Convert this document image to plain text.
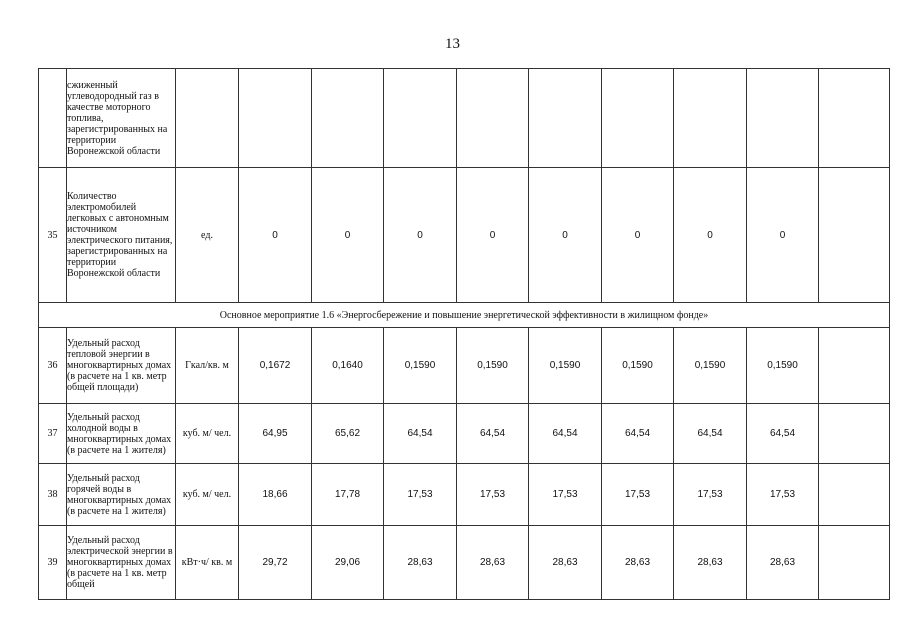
13
	сжиженный углеводородный газ в качестве моторного топлива, зарегистрированных на территории Воронежской области										
35	Количество электромобилей легковых с автономным источником электрического питания, зарегистрированных на территории Воронежской области	ед.	0	0	0	0	0	0	0	0	
Основное мероприятие 1.6 «Энергосбережение и повышение энергетической эффективности в жилищном фонде»											
36	Удельный расход тепловой энергии в многоквартирных домах (в расчете на 1 кв. метр общей площади)	Гкал/кв. м	0,1672	0,1640	0,1590	0,1590	0,1590	0,1590	0,1590	0,1590	
37	Удельный расход холодной воды в многоквартирных домах (в расчете на 1 жителя)	куб. м/ чел.	64,95	65,62	64,54	64,54	64,54	64,54	64,54	64,54	
38	Удельный расход горячей воды в многоквартирных домах (в расчете на 1 жителя)	куб. м/ чел.	18,66	17,78	17,53	17,53	17,53	17,53	17,53	17,53	
39	Удельный расход электрической энергии в многоквартирных домах (в расчете на 1 кв. метр общей	кВт·ч/ кв. м	29,72	29,06	28,63	28,63	28,63	28,63	28,63	28,63	
